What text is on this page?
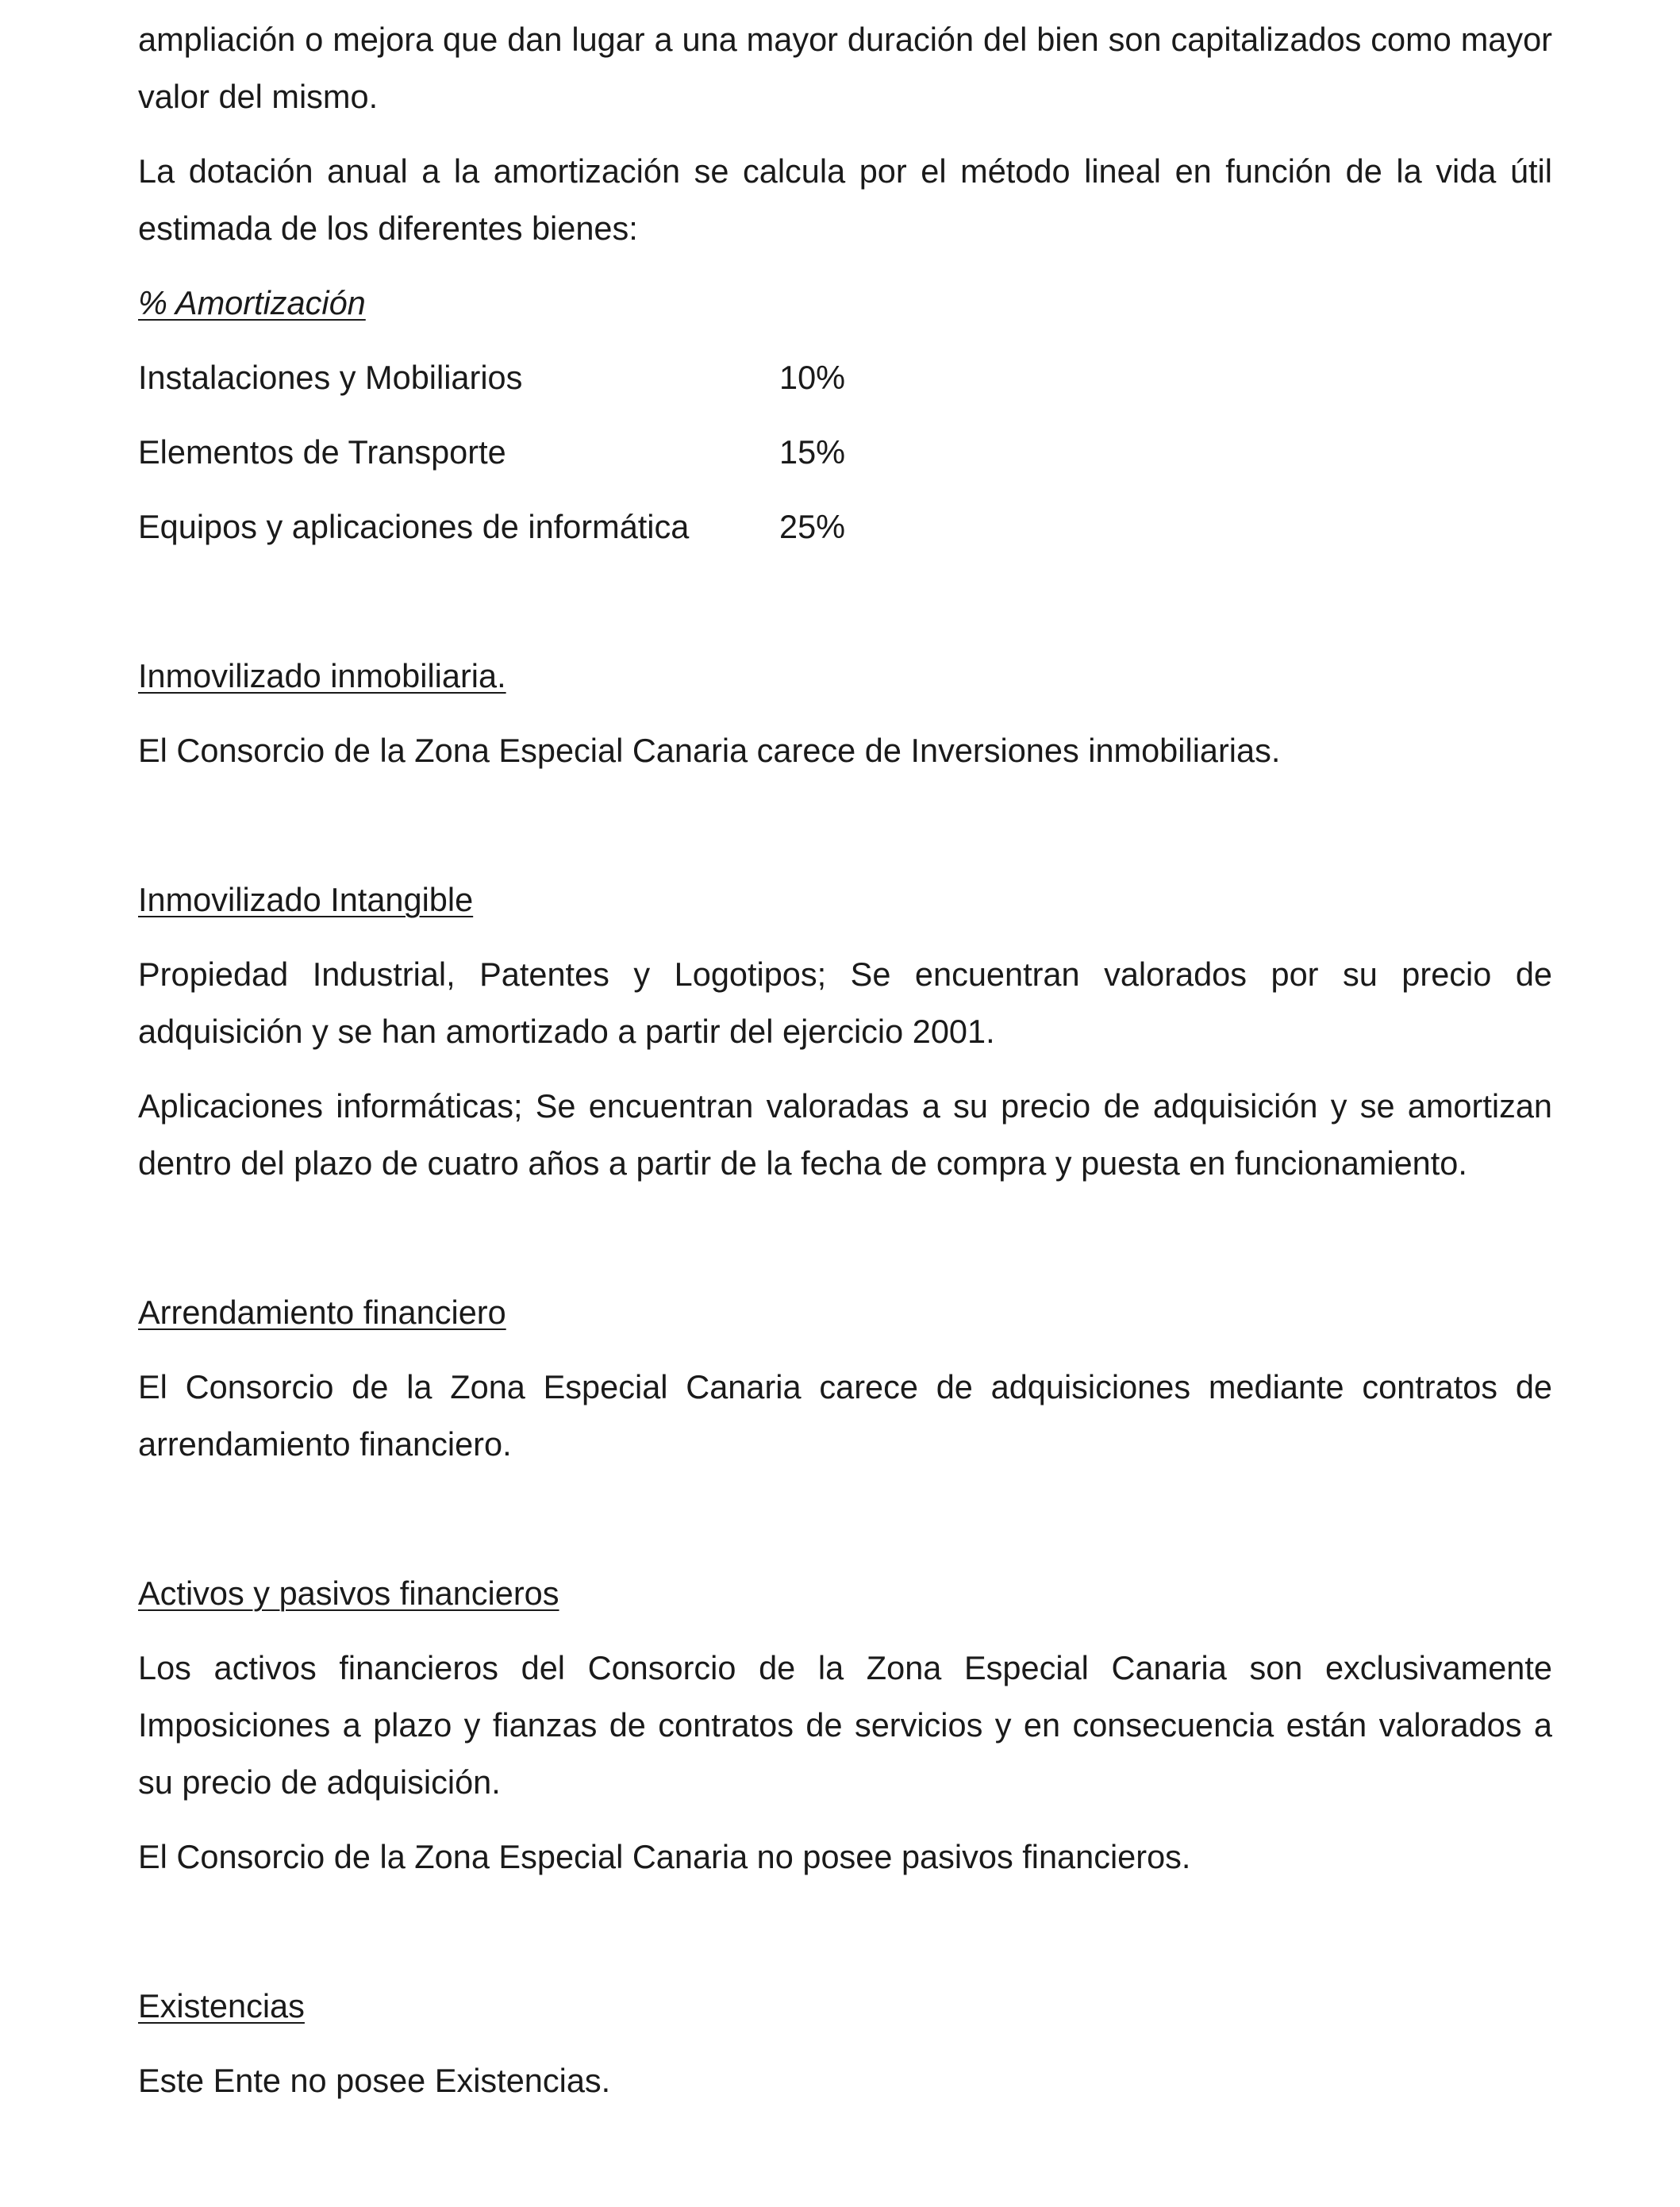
ampliación o mejora que dan lugar a una mayor duración del bien son capitalizados como mayor valor del mismo.

La dotación anual a la amortización se calcula por el método lineal en función de la vida útil estimada de los diferentes bienes:

% Amortización
Instalaciones y Mobiliarios	10%
Elementos de Transporte	15%
Equipos y aplicaciones de informática	25%
Inmovilizado inmobiliaria.

El Consorcio de la Zona Especial Canaria carece de Inversiones inmobiliarias.

Inmovilizado Intangible

Propiedad Industrial, Patentes y Logotipos; Se encuentran valorados por su precio de adquisición y se han amortizado a partir del ejercicio 2001.

Aplicaciones informáticas; Se encuentran valoradas a su precio de adquisición y se amortizan dentro del plazo de cuatro años a partir de la fecha de compra y puesta en funcionamiento.

Arrendamiento financiero

El Consorcio de la Zona Especial Canaria carece de adquisiciones mediante contratos de arrendamiento financiero.

Activos y pasivos financieros

Los activos financieros del Consorcio de la Zona Especial Canaria son exclusivamente Imposiciones a plazo y fianzas de contratos de servicios y en consecuencia están valorados a su precio de adquisición.

El Consorcio de la Zona Especial Canaria no posee pasivos financieros.

Existencias

Este Ente no posee Existencias.
